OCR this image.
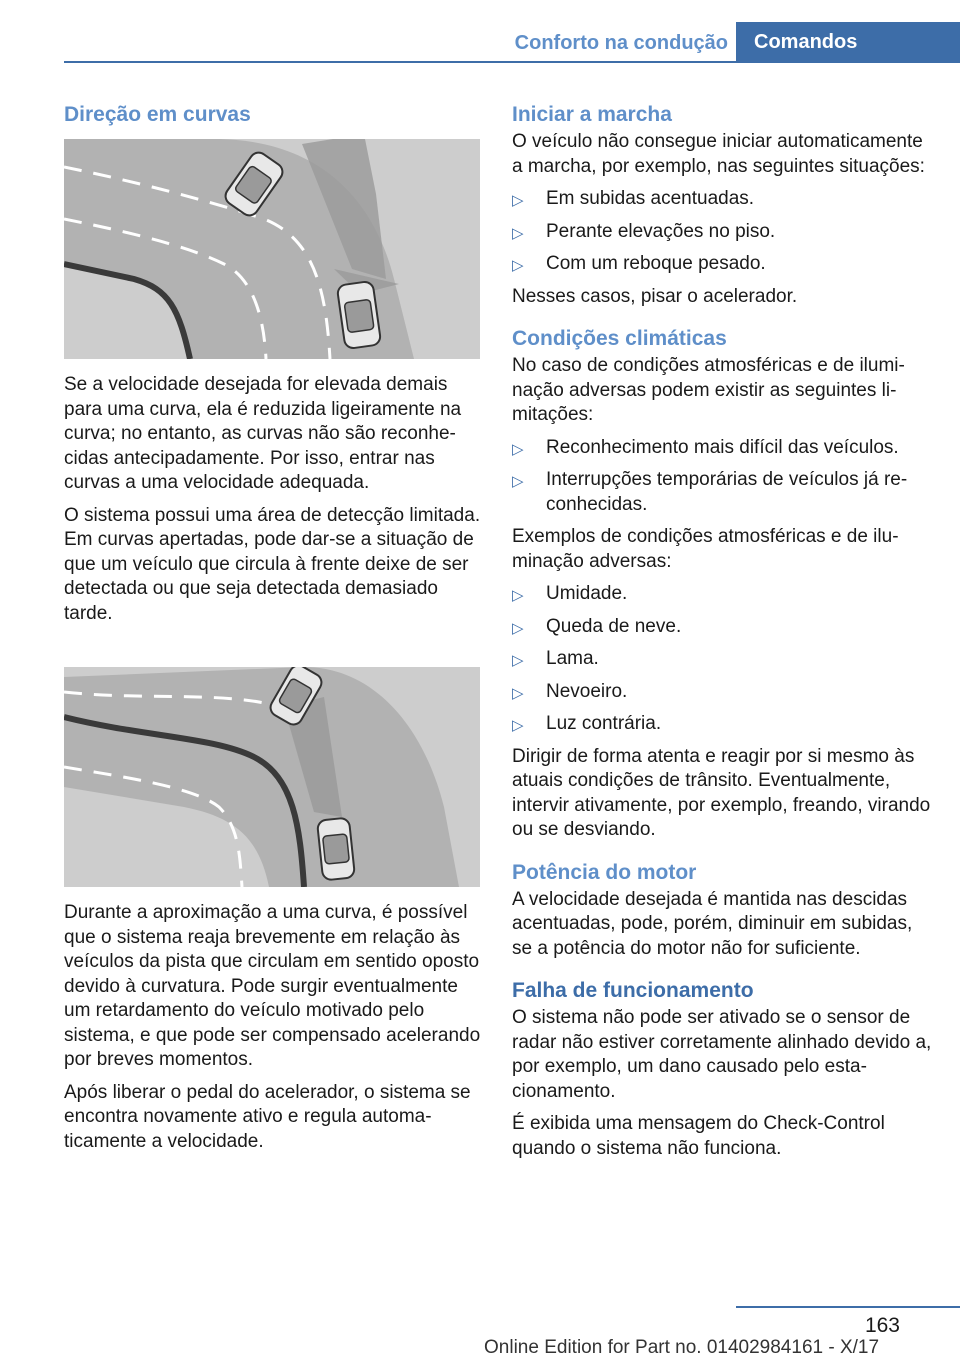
Conforto na condução	Comandos
Direção em curvas

Se a velocidade desejada for elevada demais para uma curva, ela é reduzida ligeiramente na curva; no entanto, as curvas não são reconhecidas antecipadamente. Por isso, entrar nas curvas a uma velocidade adequada.

O sistema possui uma área de detecção limitada. Em curvas apertadas, pode dar-se a situação de que um veículo que circula à frente deixe de ser detectada ou que seja detectada demasiado tarde.

Durante a aproximação a uma curva, é possível que o sistema reaja brevemente em relação às veículos da pista que circulam em sentido oposto devido à curvatura. Pode surgir eventualmente um retardamento do veículo motivado pelo sistema, e que pode ser compensado acelerando por breves momentos.

Após liberar o pedal do acelerador, o sistema se encontra novamente ativo e regula automaticamente a velocidade.

Iniciar a marcha

O veículo não consegue iniciar automaticamente a marcha, por exemplo, nas seguintes situações:

▷ Em subidas acentuadas.
▷ Perante elevações no piso.
▷ Com um reboque pesado.

Nesses casos, pisar o acelerador.

Condições climáticas

No caso de condições atmosféricas e de iluminação adversas podem existir as seguintes limitações:

▷ Reconhecimento mais difícil das veículos.
▷ Interrupções temporárias de veículos já reconhecidas.

Exemplos de condições atmosféricas e de iluminação adversas:

▷ Umidade.
▷ Queda de neve.
▷ Lama.
▷ Nevoeiro.
▷ Luz contrária.

Dirigir de forma atenta e reagir por si mesmo às atuais condições de trânsito. Eventualmente, intervir ativamente, por exemplo, freando, virando ou se desviando.

Potência do motor

A velocidade desejada é mantida nas descidas acentuadas, pode, porém, diminuir em subidas, se a potência do motor não for suficiente.

Falha de funcionamento

O sistema não pode ser ativado se o sensor de radar não estiver corretamente alinhado devido a, por exemplo, um dano causado pelo estacionamento.

É exibida uma mensagem do Check-Control quando o sistema não funciona.

163
Online Edition for Part no. 01402984161 - X/17
